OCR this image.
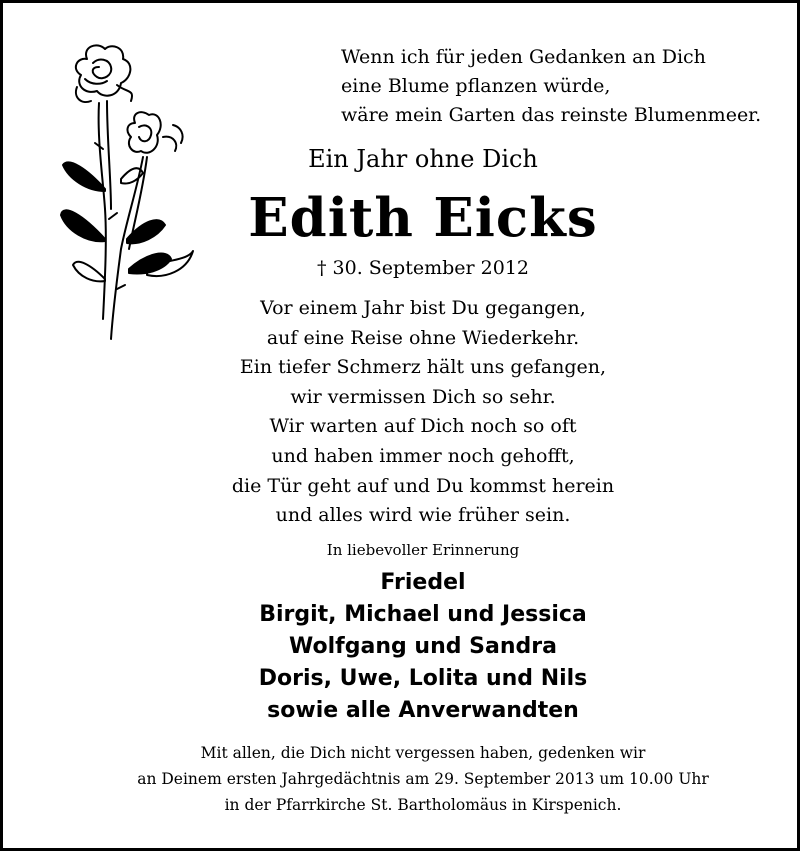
Wenn ich für jeden Gedanken an Dich
eine Blume pflanzen würde,
wäre mein Garten das reinste Blumenmeer.
Ein Jahr ohne Dich
Edith Eicks
† 30. September 2012
Vor einem Jahr bist Du gegangen,
auf eine Reise ohne Wiederkehr.
Ein tiefer Schmerz hält uns gefangen,
wir vermissen Dich so sehr.
Wir warten auf Dich noch so oft
und haben immer noch gehofft,
die Tür geht auf und Du kommst herein
und alles wird wie früher sein.
In liebevoller Erinnerung
Friedel
Birgit, Michael und Jessica
Wolfgang und Sandra
Doris, Uwe, Lolita und Nils
sowie alle Anverwandten
Mit allen, die Dich nicht vergessen haben, gedenken wir
an Deinem ersten Jahrgedächtnis am 29. September 2013 um 10.00 Uhr
in der Pfarrkirche St. Bartholomäus in Kirspenich.
